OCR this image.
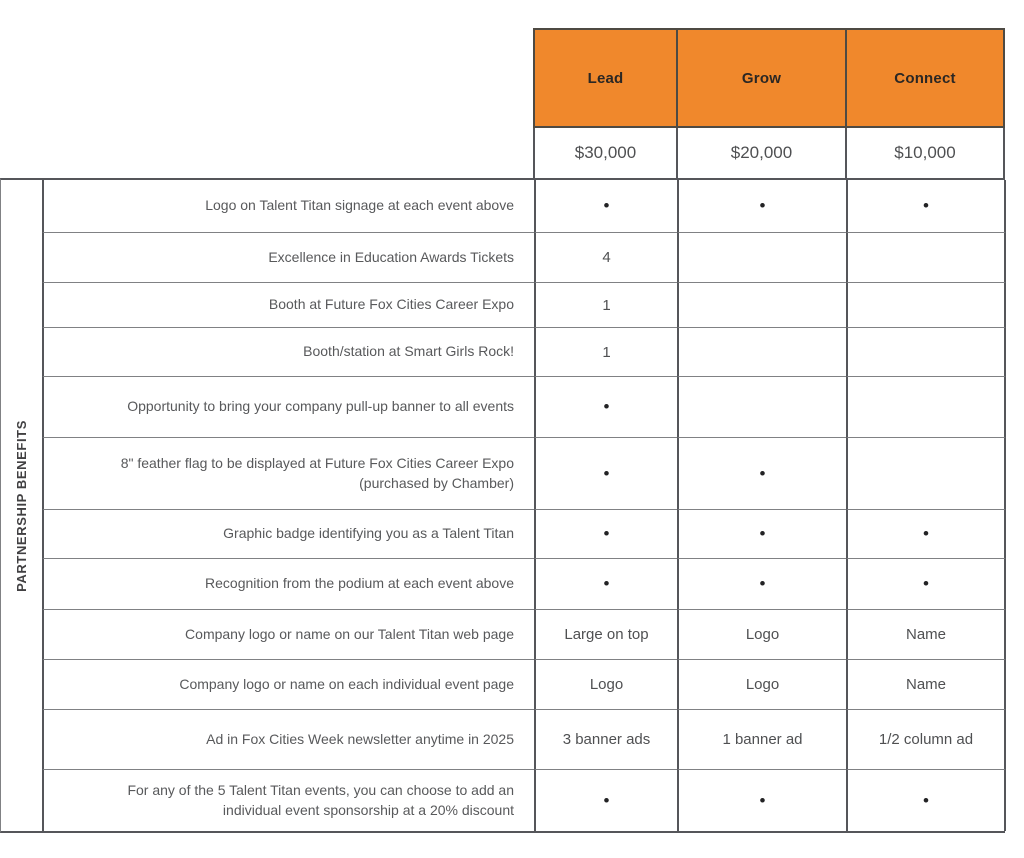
Lead	Grow	Connect
$30,000	$20,000	$10,000
PARTNERSHIP BENEFITS
Logo on Talent Titan signage at each event above	•	•	•
Excellence in Education Awards Tickets	4
Booth at Future Fox Cities Career Expo	1
Booth/station at Smart Girls Rock!	1
Opportunity to bring your company pull-up banner to all events	•
8" feather flag to be displayed at Future Fox Cities Career Expo (purchased by Chamber)	•	•
Graphic badge identifying you as a Talent Titan	•	•	•
Recognition from the podium at each event above	•	•	•
Company logo or name on our Talent Titan web page	Large on top	Logo	Name
Company logo or name on each individual event page	Logo	Logo	Name
Ad in Fox Cities Week newsletter anytime in 2025	3 banner ads	1 banner ad	1/2 column ad
For any of the 5 Talent Titan events, you can choose to add an individual event sponsorship at a 20% discount	•	•	•
